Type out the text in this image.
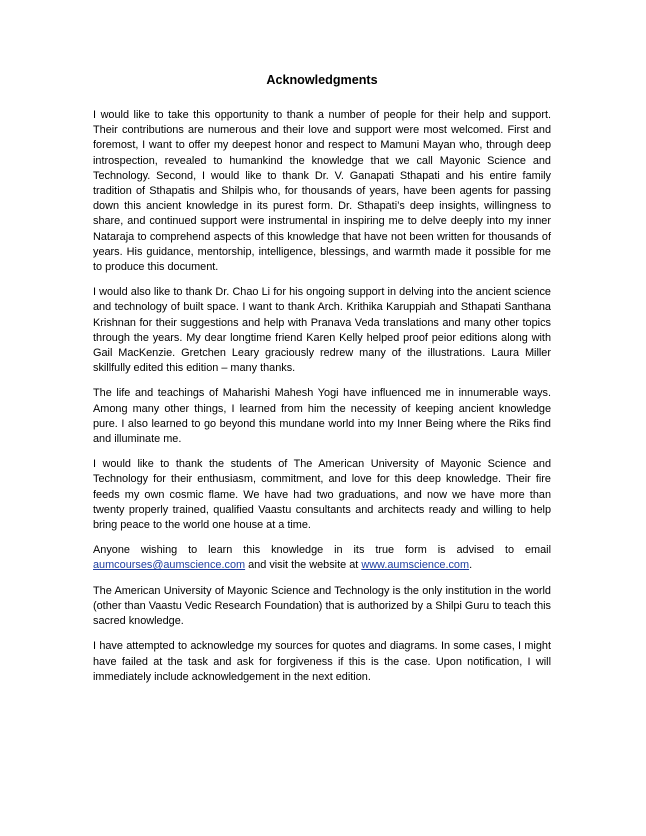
Acknowledgments

I would like to take this opportunity to thank a number of people for their help and support. Their contributions are numerous and their love and support were most welcomed. First and foremost, I want to offer my deepest honor and respect to Mamuni Mayan who, through deep introspection, revealed to humankind the knowledge that we call Mayonic Science and Technology. Second, I would like to thank Dr. V. Ganapati Sthapati and his entire family tradition of Sthapatis and Shilpis who, for thousands of years, have been agents for passing down this ancient knowledge in its purest form. Dr. Sthapati’s deep insights, willingness to share, and continued support were instrumental in inspiring me to delve deeply into my inner Nataraja to comprehend aspects of this knowledge that have not been written for thousands of years. His guidance, mentorship, intelligence, blessings, and warmth made it possible for me to produce this document.

I would also like to thank Dr. Chao Li for his ongoing support in delving into the ancient science and technology of built space. I want to thank Arch. Krithika Karuppiah and Sthapati Santhana Krishnan for their suggestions and help with Pranava Veda translations and many other topics through the years. My dear longtime friend Karen Kelly helped proof peior editions along with Gail MacKenzie. Gretchen Leary graciously redrew many of the illustrations. Laura Miller skillfully edited this edition – many thanks.

The life and teachings of Maharishi Mahesh Yogi have influenced me in innumerable ways. Among many other things, I learned from him the necessity of keeping ancient knowledge pure. I also learned to go beyond this mundane world into my Inner Being where the Riks find and illuminate me.

I would like to thank the students of The American University of Mayonic Science and Technology for their enthusiasm, commitment, and love for this deep knowledge. Their fire feeds my own cosmic flame. We have had two graduations, and now we have more than twenty properly trained, qualified Vaastu consultants and architects ready and willing to help bring peace to the world one house at a time.

Anyone wishing to learn this knowledge in its true form is advised to email aumcourses@aumscience.com and visit the website at www.aumscience.com.

The American University of Mayonic Science and Technology is the only institution in the world (other than Vaastu Vedic Research Foundation) that is authorized by a Shilpi Guru to teach this sacred knowledge.

I have attempted to acknowledge my sources for quotes and diagrams. In some cases, I might have failed at the task and ask for forgiveness if this is the case. Upon notification, I will immediately include acknowledgement in the next edition.
